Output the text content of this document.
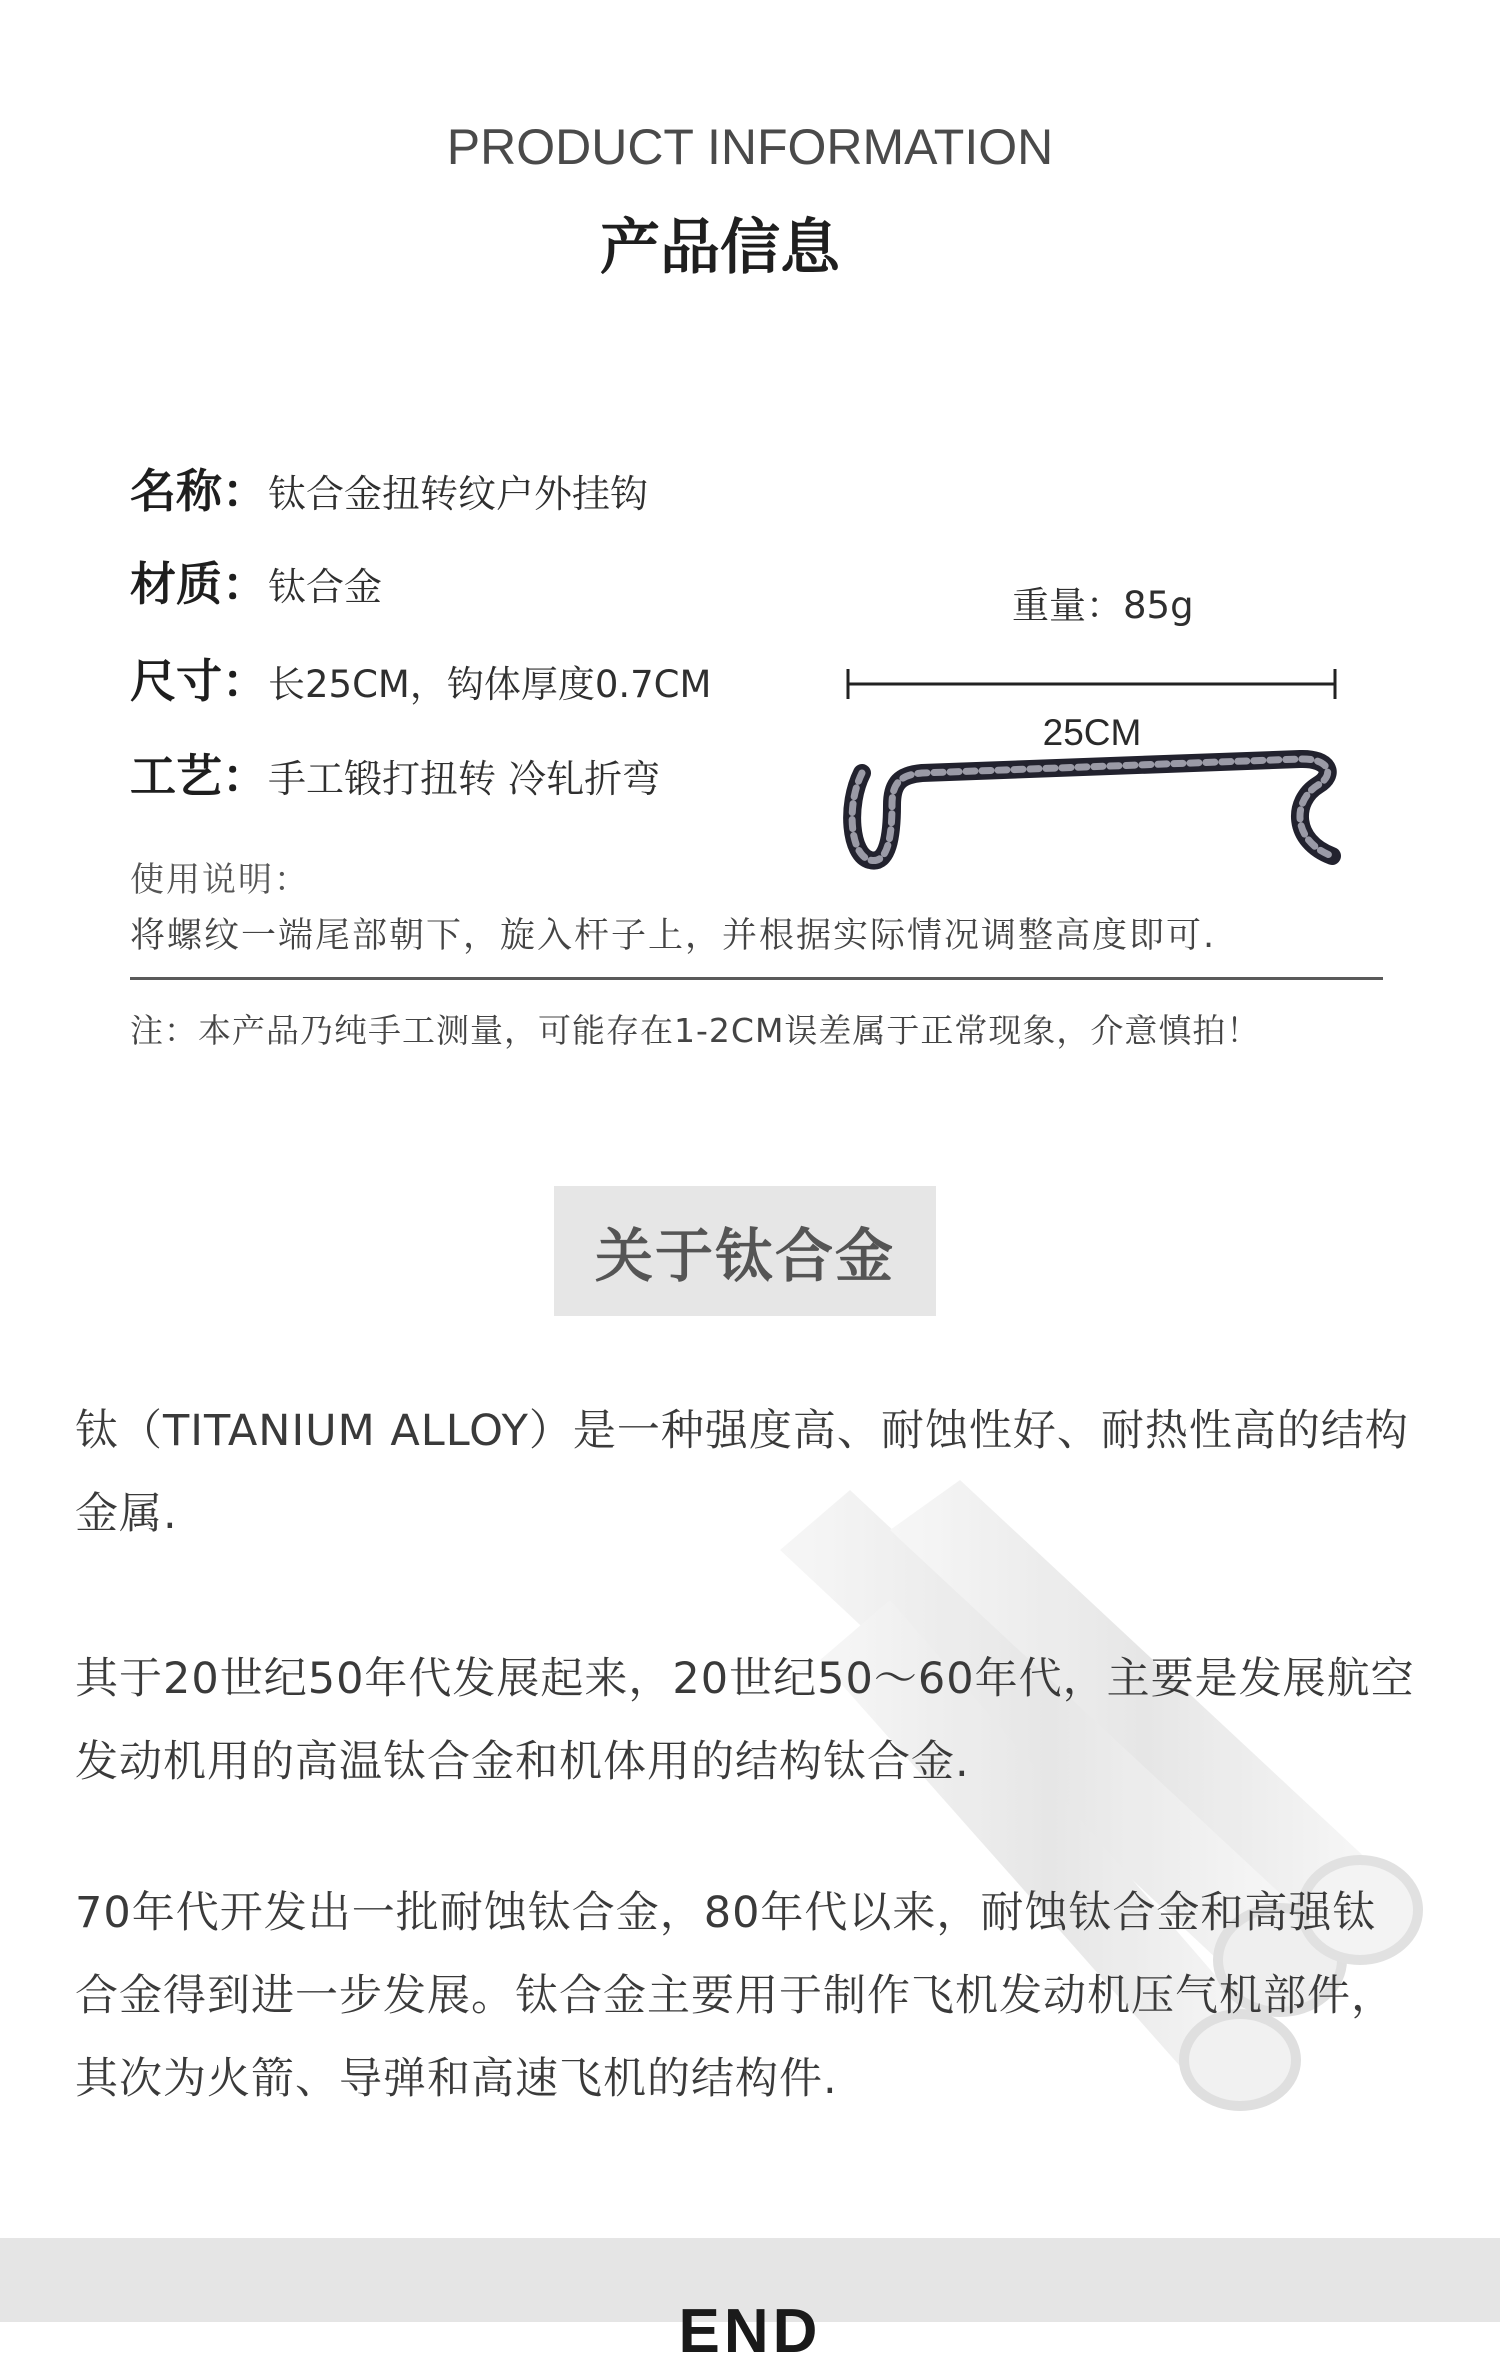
PRODUCT INFORMATION
产品信息
名称：钛合金扭转纹户外挂钩
材质：钛合金
尺寸：长25CM，钩体厚度0.7CM
工艺：手工锻打扭转 冷轧折弯
重量：85g
25CM
使用说明：
将螺纹一端尾部朝下，旋入杆子上，并根据实际情况调整高度即可.
注：本产品乃纯手工测量，可能存在1-2CM误差属于正常现象，介意慎拍！
关于钛合金
钛（TITANIUM ALLOY）是一种强度高、耐蚀性好、耐热性高的结构金属.
其于20世纪50年代发展起来，20世纪50～60年代，主要是发展航空发动机用的高温钛合金和机体用的结构钛合金.
70年代开发出一批耐蚀钛合金，80年代以来，耐蚀钛合金和高强钛合金得到进一步发展。钛合金主要用于制作飞机发动机压气机部件，其次为火箭、导弹和高速飞机的结构件.
END
